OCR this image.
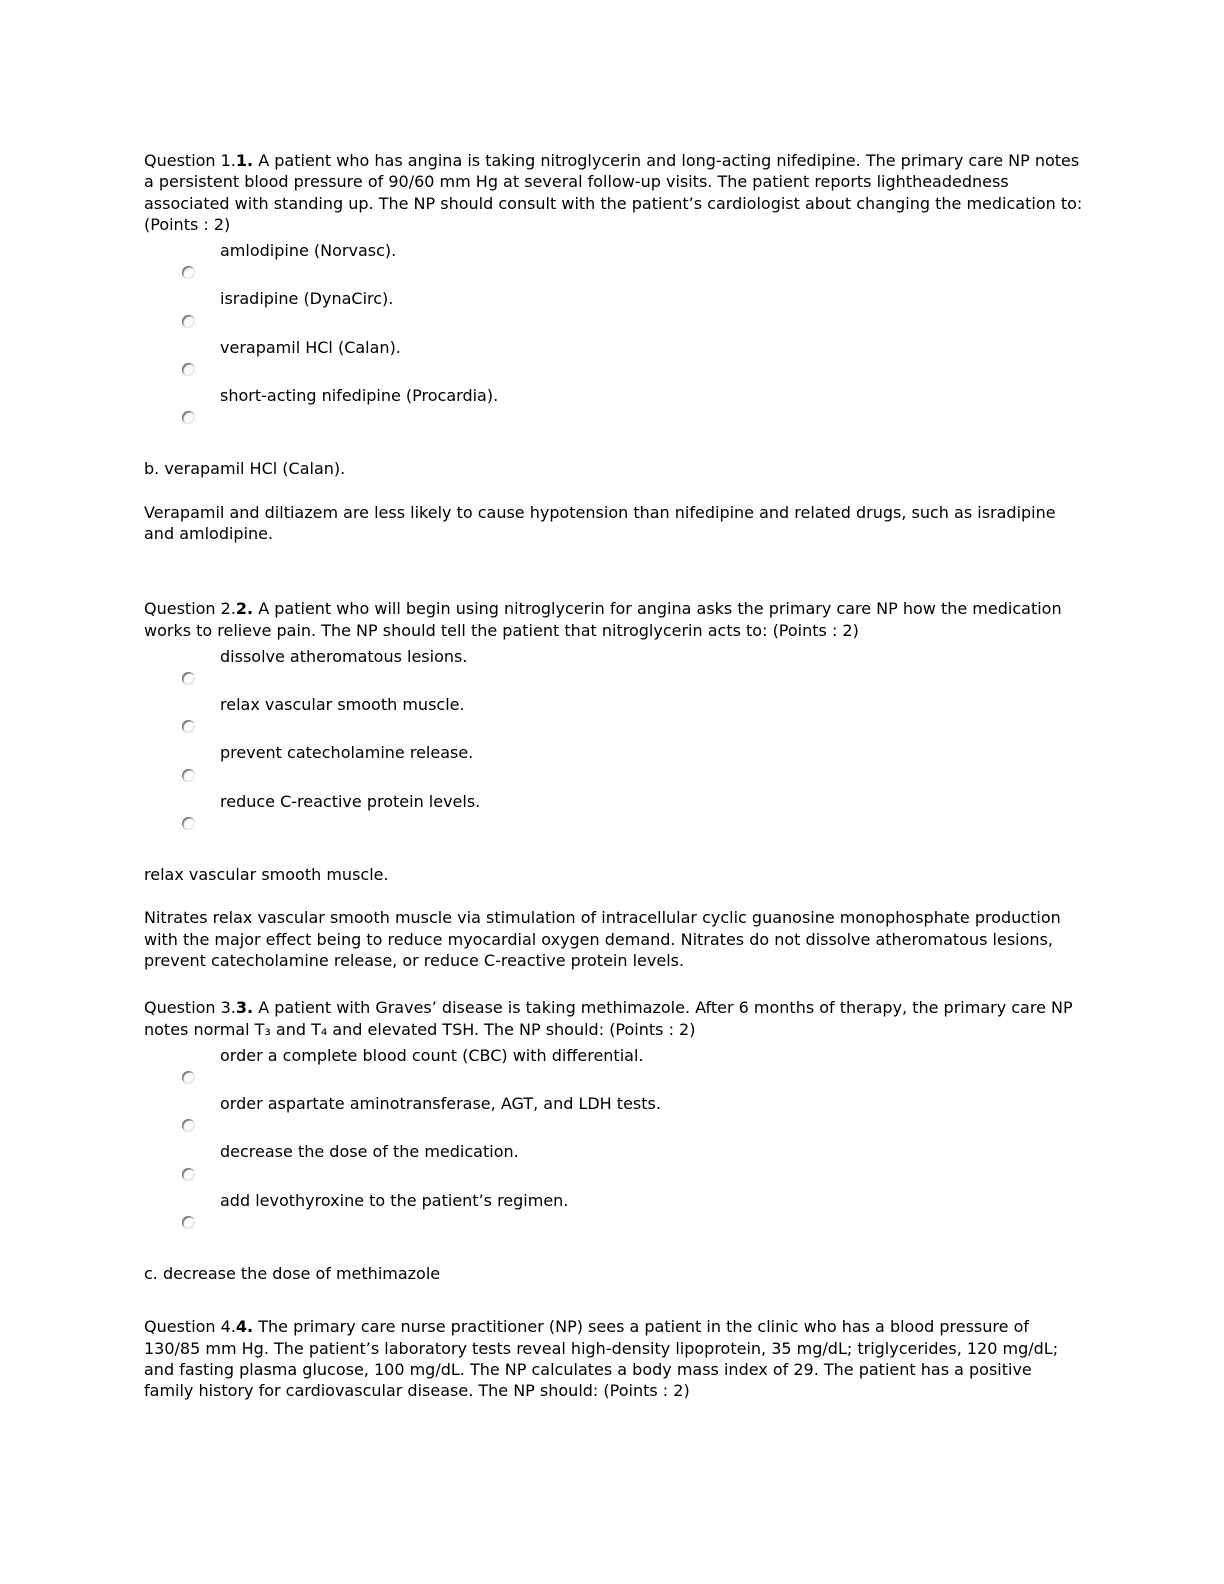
Question 1.1. A patient who has angina is taking nitroglycerin and long-acting nifedipine. The primary care NP notes a persistent blood pressure of 90/60 mm Hg at several follow-up visits. The patient reports lightheadedness associated with standing up. The NP should consult with the patient’s cardiologist about changing the medication to: (Points : 2)

amlodipine (Norvasc).
isradipine (DynaCirc).
verapamil HCl (Calan).
short-acting nifedipine (Procardia).

b. verapamil HCl (Calan).

Verapamil and diltiazem are less likely to cause hypotension than nifedipine and related drugs, such as isradipine and amlodipine.

Question 2.2. A patient who will begin using nitroglycerin for angina asks the primary care NP how the medication works to relieve pain. The NP should tell the patient that nitroglycerin acts to: (Points : 2)

dissolve atheromatous lesions.
relax vascular smooth muscle.
prevent catecholamine release.
reduce C-reactive protein levels.

relax vascular smooth muscle.

Nitrates relax vascular smooth muscle via stimulation of intracellular cyclic guanosine monophosphate production with the major effect being to reduce myocardial oxygen demand. Nitrates do not dissolve atheromatous lesions, prevent catecholamine release, or reduce C-reactive protein levels.

Question 3.3. A patient with Graves’ disease is taking methimazole. After 6 months of therapy, the primary care NP notes normal T₃ and T₄ and elevated TSH. The NP should: (Points : 2)

order a complete blood count (CBC) with differential.
order aspartate aminotransferase, AGT, and LDH tests.
decrease the dose of the medication.
add levothyroxine to the patient’s regimen.

c. decrease the dose of methimazole

Question 4.4. The primary care nurse practitioner (NP) sees a patient in the clinic who has a blood pressure of 130/85 mm Hg. The patient’s laboratory tests reveal high-density lipoprotein, 35 mg/dL; triglycerides, 120 mg/dL; and fasting plasma glucose, 100 mg/dL. The NP calculates a body mass index of 29. The patient has a positive family history for cardiovascular disease. The NP should: (Points : 2)
